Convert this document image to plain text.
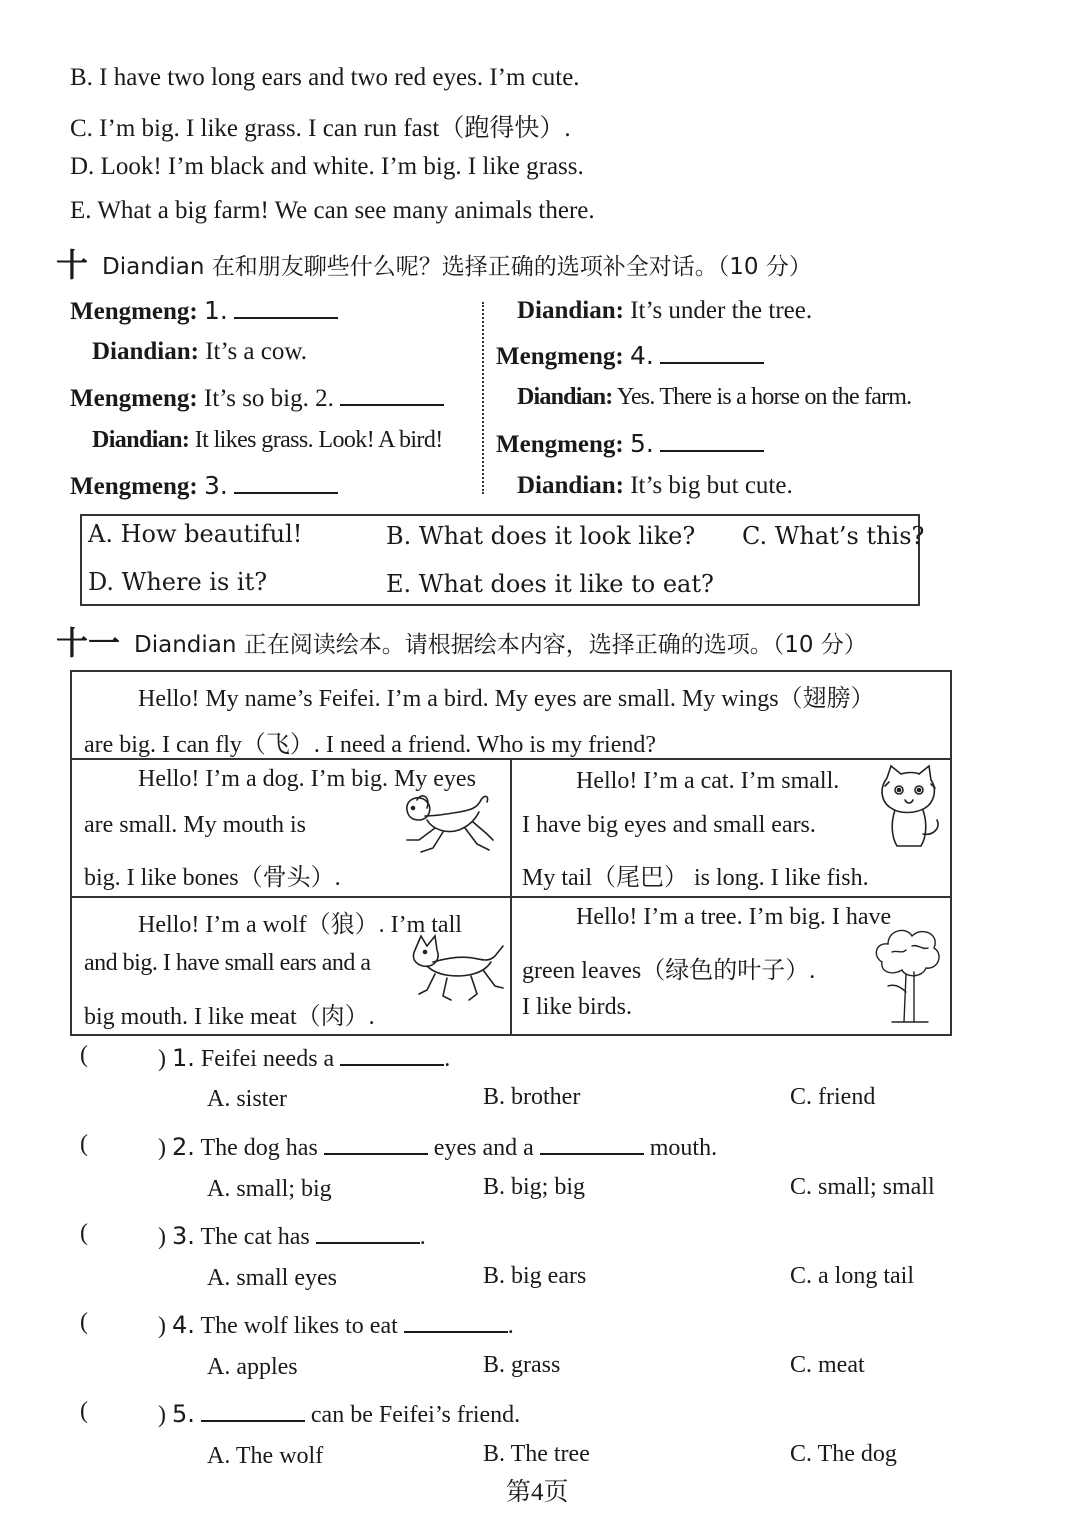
B. I have two long ears and two red eyes. I’m cute.
C. I’m big. I like grass. I can run fast（跑得快）.
D. Look! I’m black and white. I’m big. I like grass.
E. What a big farm! We can see many animals there.
十 Diandian 在和朋友聊些什么呢？选择正确的选项补全对话。（10 分）
Mengmeng: 1.
Diandian: It’s a cow.
Mengmeng: It’s so big. 2.
Diandian: It likes grass. Look! A bird!
Mengmeng: 3.
Diandian: It’s under the tree.
Mengmeng: 4.
Diandian: Yes. There is a horse on the farm.
Mengmeng: 5.
Diandian: It’s big but cute.
A. How beautiful!	B. What does it look like? C. What’s this?
D. Where is it?	E. What does it like to eat?
十一 Diandian 正在阅读绘本。请根据绘本内容，选择正确的选项。（10 分）
Hello! My name’s Feifei. I’m a bird. My eyes are small. My wings（翅膀）
are big. I can fly（飞）. I need a friend. Who is my friend?
Hello! I’m a dog. I’m big. My eyes
are small. My mouth is
big. I like bones（骨头）.
Hello! I’m a cat. I’m small.
I have big eyes and small ears.
My tail（尾巴） is long. I like fish.
Hello! I’m a wolf（狼）. I’m tall
and big. I have small ears and a
big mouth. I like meat（肉）.
Hello! I’m a tree. I’m big. I have
green leaves（绿色的叶子）.
I like birds.
(	) 1. Feifei needs a	.
A. sister	B. brother	C. friend
(	) 2. The dog has	eyes and a	mouth.
A. small; big	B. big; big	C. small; small
(	) 3. The cat has	.
A. small eyes	B. big ears	C. a long tail
(	) 4. The wolf likes to eat	.
A. apples	B. grass	C. meat
(	) 5.	can be Feifei’s friend.
A. The wolf	B. The tree	C. The dog
第4页
